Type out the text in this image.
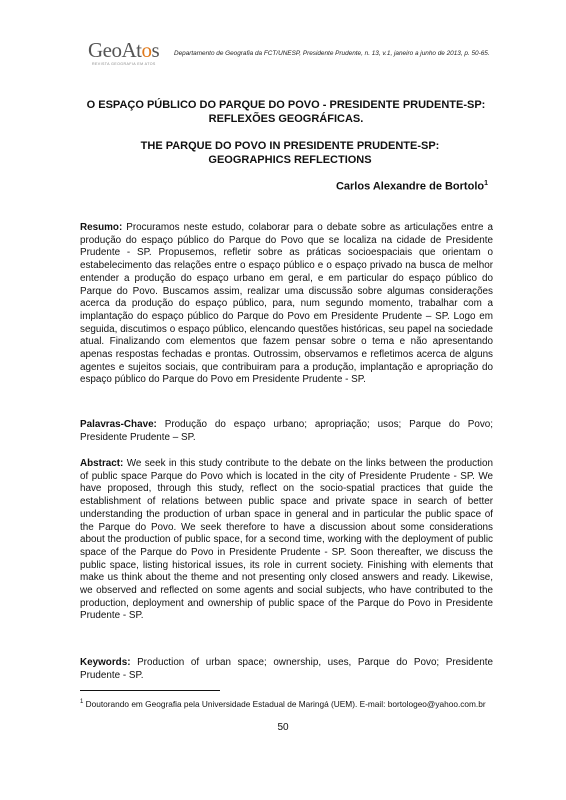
GeoAtos
REVISTA GEOGRAFIA EM ATOS
Departamento de Geografia da FCT/UNESP, Presidente Prudente, n. 13, v.1, janeiro a junho de 2013, p. 50-65.
O ESPAÇO PÚBLICO DO PARQUE DO POVO - PRESIDENTE PRUDENTE-SP: REFLEXÕES GEOGRÁFICAS.
THE PARQUE DO POVO IN PRESIDENTE PRUDENTE-SP: GEOGRAPHICS REFLECTIONS
Carlos Alexandre de Bortolo$^1$
Resumo: Procuramos neste estudo, colaborar para o debate sobre as articulações entre a produção do espaço público do Parque do Povo que se localiza na cidade de Presidente Prudente - SP. Propusemos, refletir sobre as práticas socioespaciais que orientam o estabelecimento das relações entre o espaço público e o espaço privado na busca de melhor entender a produção do espaço urbano em geral, e em particular do espaço público do Parque do Povo. Buscamos assim, realizar uma discussão sobre algumas considerações acerca da produção do espaço público, para, num segundo momento, trabalhar com a implantação do espaço público do Parque do Povo em Presidente Prudente – SP. Logo em seguida, discutimos o espaço público, elencando questões históricas, seu papel na sociedade atual. Finalizando com elementos que fazem pensar sobre o tema e não apresentando apenas respostas fechadas e prontas. Outrossim, observamos e refletimos acerca de alguns agentes e sujeitos sociais, que contribuiram para a produção, implantação e apropriação do espaço público do Parque do Povo em Presidente Prudente - SP.
Palavras-Chave: Produção do espaço urbano; apropriação; usos; Parque do Povo; Presidente Prudente – SP.
Abstract: We seek in this study contribute to the debate on the links between the production of public space Parque do Povo which is located in the city of Presidente Prudente - SP. We have proposed, through this study, reflect on the socio-spatial practices that guide the establishment of relations between public space and private space in search of better understanding the production of urban space in general and in particular the public space of the Parque do Povo. We seek therefore to have a discussion about some considerations about the production of public space, for a second time, working with the deployment of public space of the Parque do Povo in Presidente Prudente - SP. Soon thereafter, we discuss the public space, listing historical issues, its role in current society. Finishing with elements that make us think about the theme and not presenting only closed answers and ready. Likewise, we observed and reflected on some agents and social subjects, who have contributed to the production, deployment and ownership of public space of the Parque do Povo in Presidente Prudente - SP.
Keywords: Production of urban space; ownership, uses, Parque do Povo; Presidente Prudente - SP.
$^1$ Doutorando em Geografia pela Universidade Estadual de Maringá (UEM). E-mail: bortologeo@yahoo.com.br
50
